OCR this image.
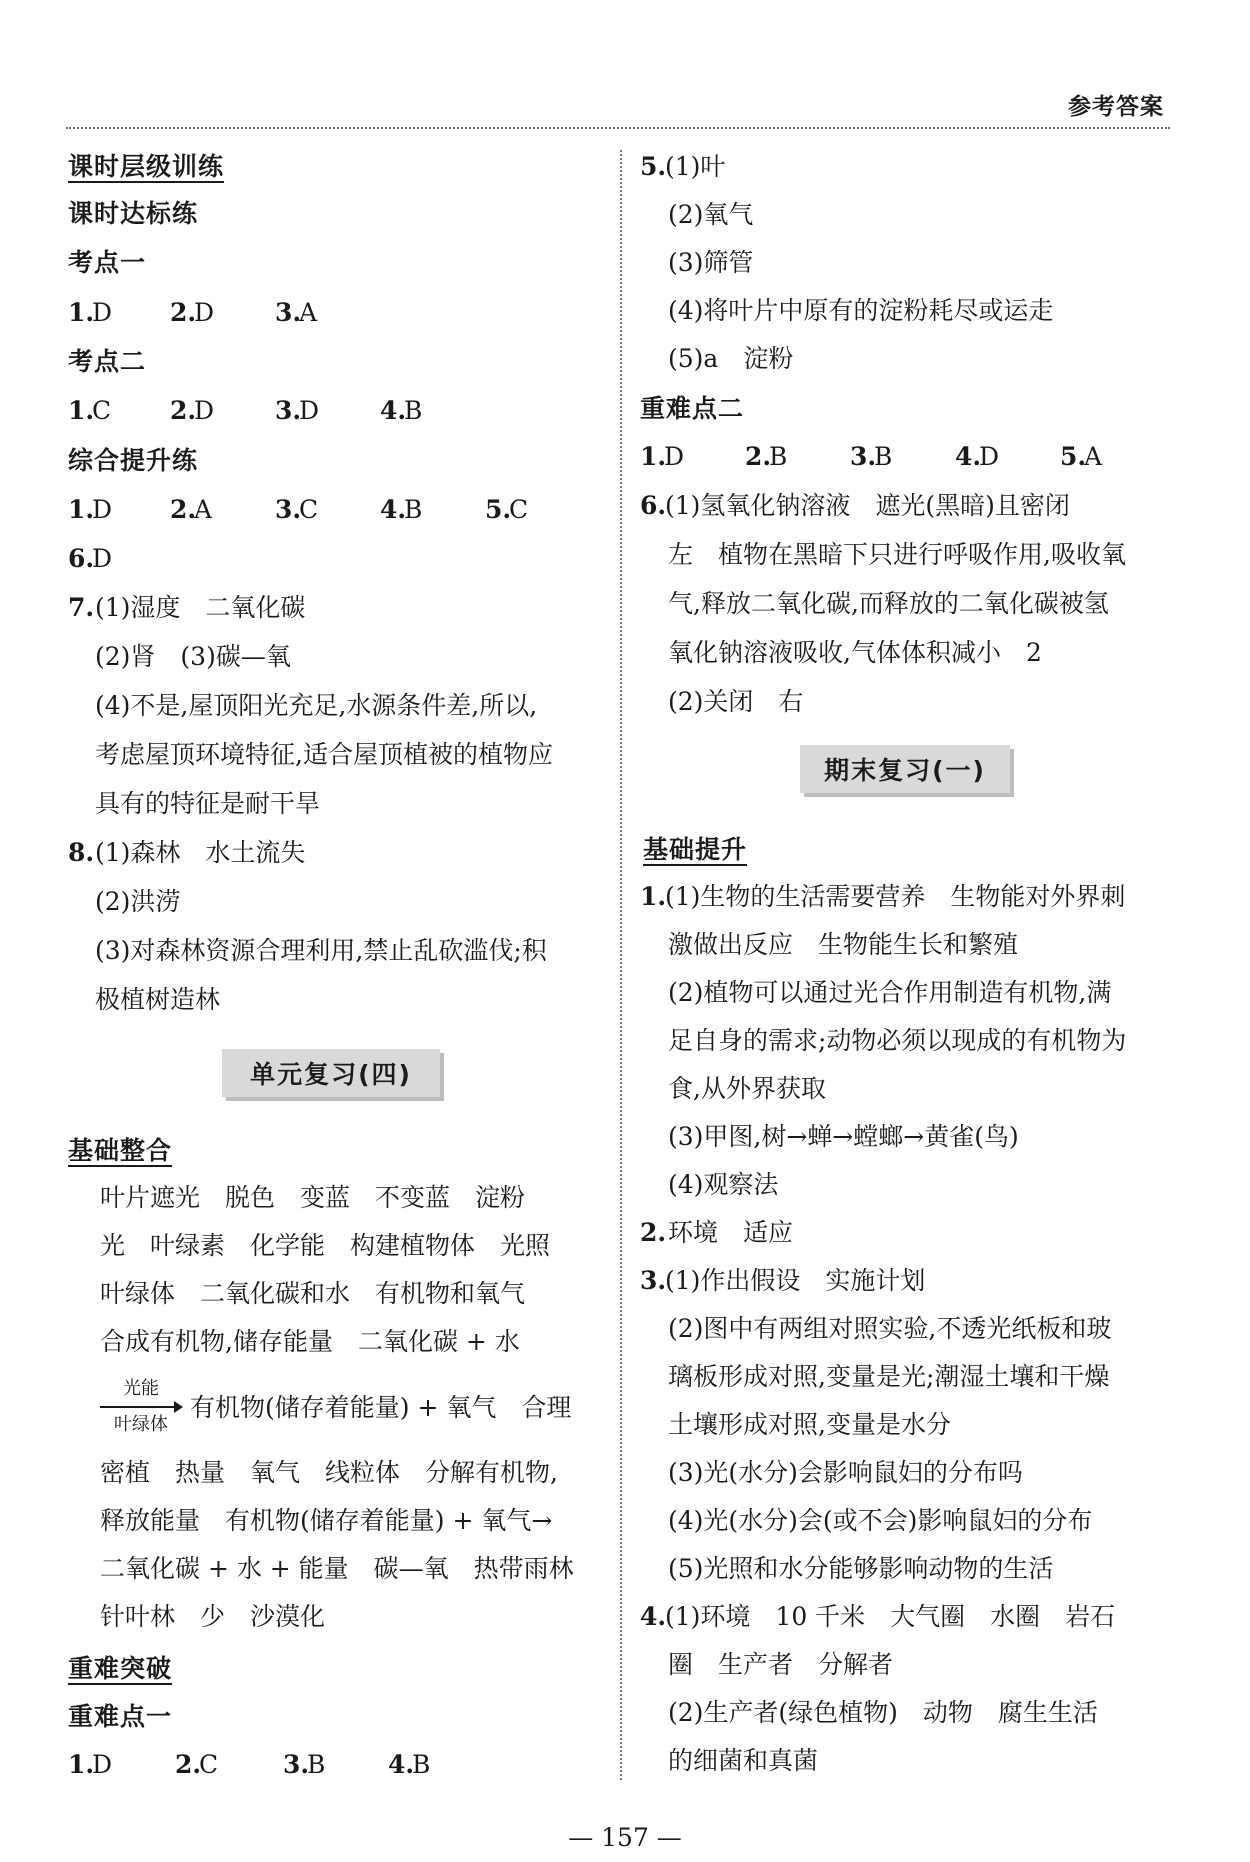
参考答案
课时层级训练
课时达标练
考点一
1.
D 2.
D 3.
A
考点二
1.
C 2.
D 3.
D 4.
B
综合提升练
1.
D 2.
A	3.
C 4.
B	5.
C
6.
D
7. (1)湿度　二氧化碳
(2)肾　(3)碳—氧
(4)不是,屋顶阳光充足,水源条件差,所以,
考虑屋顶环境特征,适合屋顶植被的植物应
具有的特征是耐干旱
8. (1)森林　水土流失
(2)洪涝
(3)对森林资源合理利用,禁止乱砍滥伐;积
极植树造林
单元复习(四)
基础整合
叶片遮光　脱色　变蓝　不变蓝　淀粉
光　叶绿素　化学能　构建植物体　光照
叶绿体　二氧化碳和水　有机物和氧气
合成有机物,储存能量　二氧化碳 + 水
光能
叶绿体
有机物(储存着能量) + 氧气　合理
密植　热量　氧气　线粒体　分解有机物,
释放能量　有机物(储存着能量) + 氧气→
二氧化碳 + 水 + 能量　碳—氧　热带雨林
针叶林　少　沙漠化
重难突破
重难点一
1.
D	2.
C	3.
B	4.
B
5.
(1)叶
(2)氧气
(3)筛管
(4)将叶片中原有的淀粉耗尽或运走
(5)a　淀粉
重难点二
1.
D 2.
B	3.
B	4.
D 5.
A
6.
(1)氢氧化钠溶液　遮光(黑暗)且密闭
左　植物在黑暗下只进行呼吸作用,吸收氧
气,释放二氧化碳,而释放的二氧化碳被氢
氧化钠溶液吸收,气体体积减小　2
(2)关闭　右
期末复习(一)
基础提升
1.
(1)生物的生活需要营养　生物能对外界刺
激做出反应　生物能生长和繁殖
(2)植物可以通过光合作用制造有机物,满
足自身的需求;动物必须以现成的有机物为
食,从外界获取
(3)甲图,树→蝉→螳螂→黄雀(鸟)
(4)观察法
2. 环境　适应
3.
(1)作出假设　实施计划
(2)图中有两组对照实验,不透光纸板和玻
璃板形成对照,变量是光;潮湿土壤和干燥
土壤形成对照,变量是水分
(3)光(水分)会影响鼠妇的分布吗
(4)光(水分)会(或不会)影响鼠妇的分布
(5)光照和水分能够影响动物的生活
4.
(1)环境　10 千米　大气圈　水圈　岩石
圈　生产者　分解者
(2)生产者(绿色植物)　动物　腐生生活
的细菌和真菌
— 157 —
